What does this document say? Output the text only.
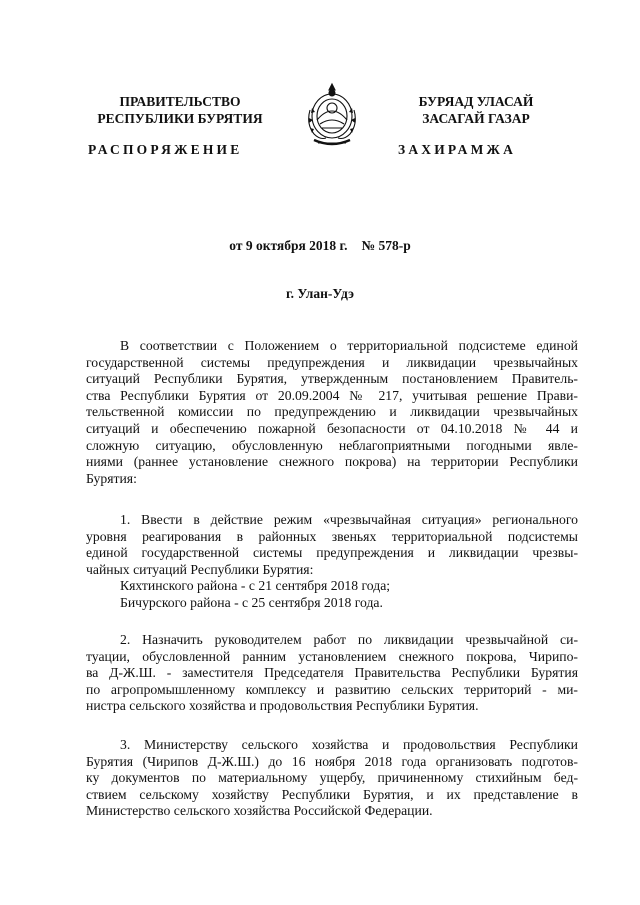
ПРАВИТЕЛЬСТВО
РЕСПУБЛИКИ БУРЯТИЯ
БУРЯАД УЛАСАЙ
ЗАСАГАЙ ГАЗАР
РАСПОРЯЖЕНИЕ	ЗАХИРАМЖА
от 9 октября 2018 г. № 578-р
г. Улан-Удэ
В соответствии с Положением о территориальной подсистеме единой
государственной системы предупреждения и ликвидации чрезвычайных
ситуаций Республики Бурятия, утвержденным постановлением Правитель-
ства Республики Бурятия от 20.09.2004 № 217, учитывая решение Прави-
тельственной комиссии по предупреждению и ликвидации чрезвычайных
ситуаций и обеспечению пожарной безопасности от 04.10.2018 № 44 и
сложную ситуацию, обусловленную неблагоприятными погодными явле-
ниями (раннее установление снежного покрова) на территории Республики
Бурятия:
1. Ввести в действие режим «чрезвычайная ситуация» регионального
уровня реагирования в районных звеньях территориальной подсистемы
единой государственной системы предупреждения и ликвидации чрезвы-
чайных ситуаций Республики Бурятия:
Кяхтинского района - с 21 сентября 2018 года;
Бичурского района - с 25 сентября 2018 года.
2. Назначить руководителем работ по ликвидации чрезвычайной си-
туации, обусловленной ранним установлением снежного покрова, Чирипо-
ва Д-Ж.Ш. - заместителя Председателя Правительства Республики Бурятия
по агропромышленному комплексу и развитию сельских территорий - ми-
нистра сельского хозяйства и продовольствия Республики Бурятия.
3. Министерству сельского хозяйства и продовольствия Республики
Бурятия (Чирипов Д-Ж.Ш.) до 16 ноября 2018 года организовать подготов-
ку документов по материальному ущербу, причиненному стихийным бед-
ствием сельскому хозяйству Республики Бурятия, и их представление в
Министерство сельского хозяйства Российской Федерации.
